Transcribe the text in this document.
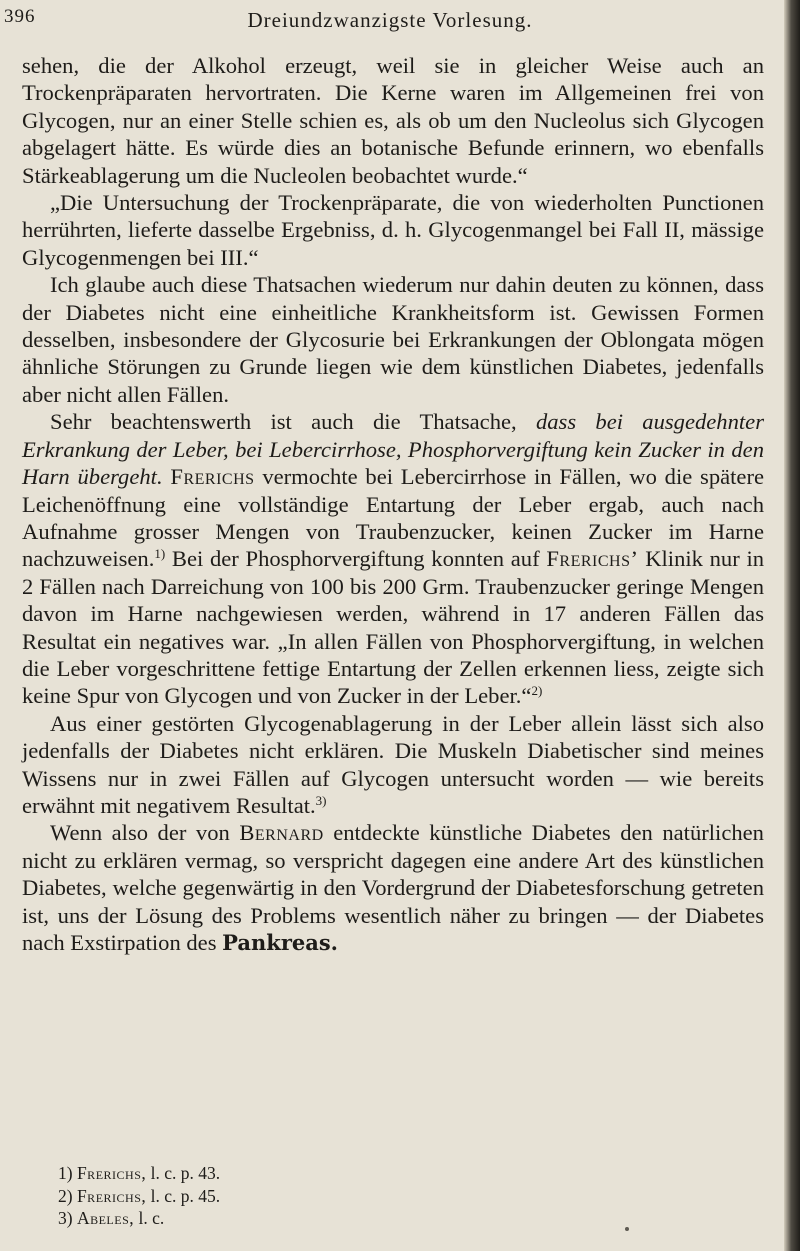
396	Dreiundzwanzigste Vorlesung.

sehen, die der Alkohol erzeugt, weil sie in gleicher Weise auch an Trockenpräparaten hervortraten. Die Kerne waren im Allgemeinen frei von Glycogen, nur an einer Stelle schien es, als ob um den Nucleolus sich Glycogen abgelagert hätte. Es würde dies an botanische Befunde erinnern, wo ebenfalls Stärkeablagerung um die Nucleolen beobachtet wurde.“

„Die Untersuchung der Trockenpräparate, die von wiederholten Punctionen herrührten, lieferte dasselbe Ergebniss, d. h. Glycogenmangel bei Fall II, mässige Glycogenmengen bei III.“

Ich glaube auch diese Thatsachen wiederum nur dahin deuten zu können, dass der Diabetes nicht eine einheitliche Krankheitsform ist. Gewissen Formen desselben, insbesondere der Glycosurie bei Erkrankungen der Oblongata mögen ähnliche Störungen zu Grunde liegen wie dem künstlichen Diabetes, jedenfalls aber nicht allen Fällen.

Sehr beachtenswerth ist auch die Thatsache, dass bei ausgedehnter Erkrankung der Leber, bei Lebercirrhose, Phosphorvergiftung kein Zucker in den Harn übergeht. Frerichs vermochte bei Lebercirrhose in Fällen, wo die spätere Leichenöffnung eine vollständige Entartung der Leber ergab, auch nach Aufnahme grosser Mengen von Traubenzucker, keinen Zucker im Harne nachzuweisen.$^{1)}$ Bei der Phosphorvergiftung konnten auf Frerichs’ Klinik nur in 2 Fällen nach Darreichung von 100 bis 200 Grm. Traubenzucker geringe Mengen davon im Harne nachgewiesen werden, während in 17 anderen Fällen das Resultat ein negatives war. „In allen Fällen von Phosphorvergiftung, in welchen die Leber vorgeschrittene fettige Entartung der Zellen erkennen liess, zeigte sich keine Spur von Glycogen und von Zucker in der Leber.“$^{2)}$

Aus einer gestörten Glycogenablagerung in der Leber allein lässt sich also jedenfalls der Diabetes nicht erklären. Die Muskeln Diabetischer sind meines Wissens nur in zwei Fällen auf Glycogen untersucht worden — wie bereits erwähnt mit negativem Resultat.$^{3)}$

Wenn also der von Bernard entdeckte künstliche Diabetes den natürlichen nicht zu erklären vermag, so verspricht dagegen eine andere Art des künstlichen Diabetes, welche gegenwärtig in den Vordergrund der Diabetesforschung getreten ist, uns der Lösung des Problems wesentlich näher zu bringen — der Diabetes nach Exstirpation des Pankreas.

1) Frerichs, l. c. p. 43.
2) Frerichs, l. c. p. 45.
3) Abeles, l. c.
